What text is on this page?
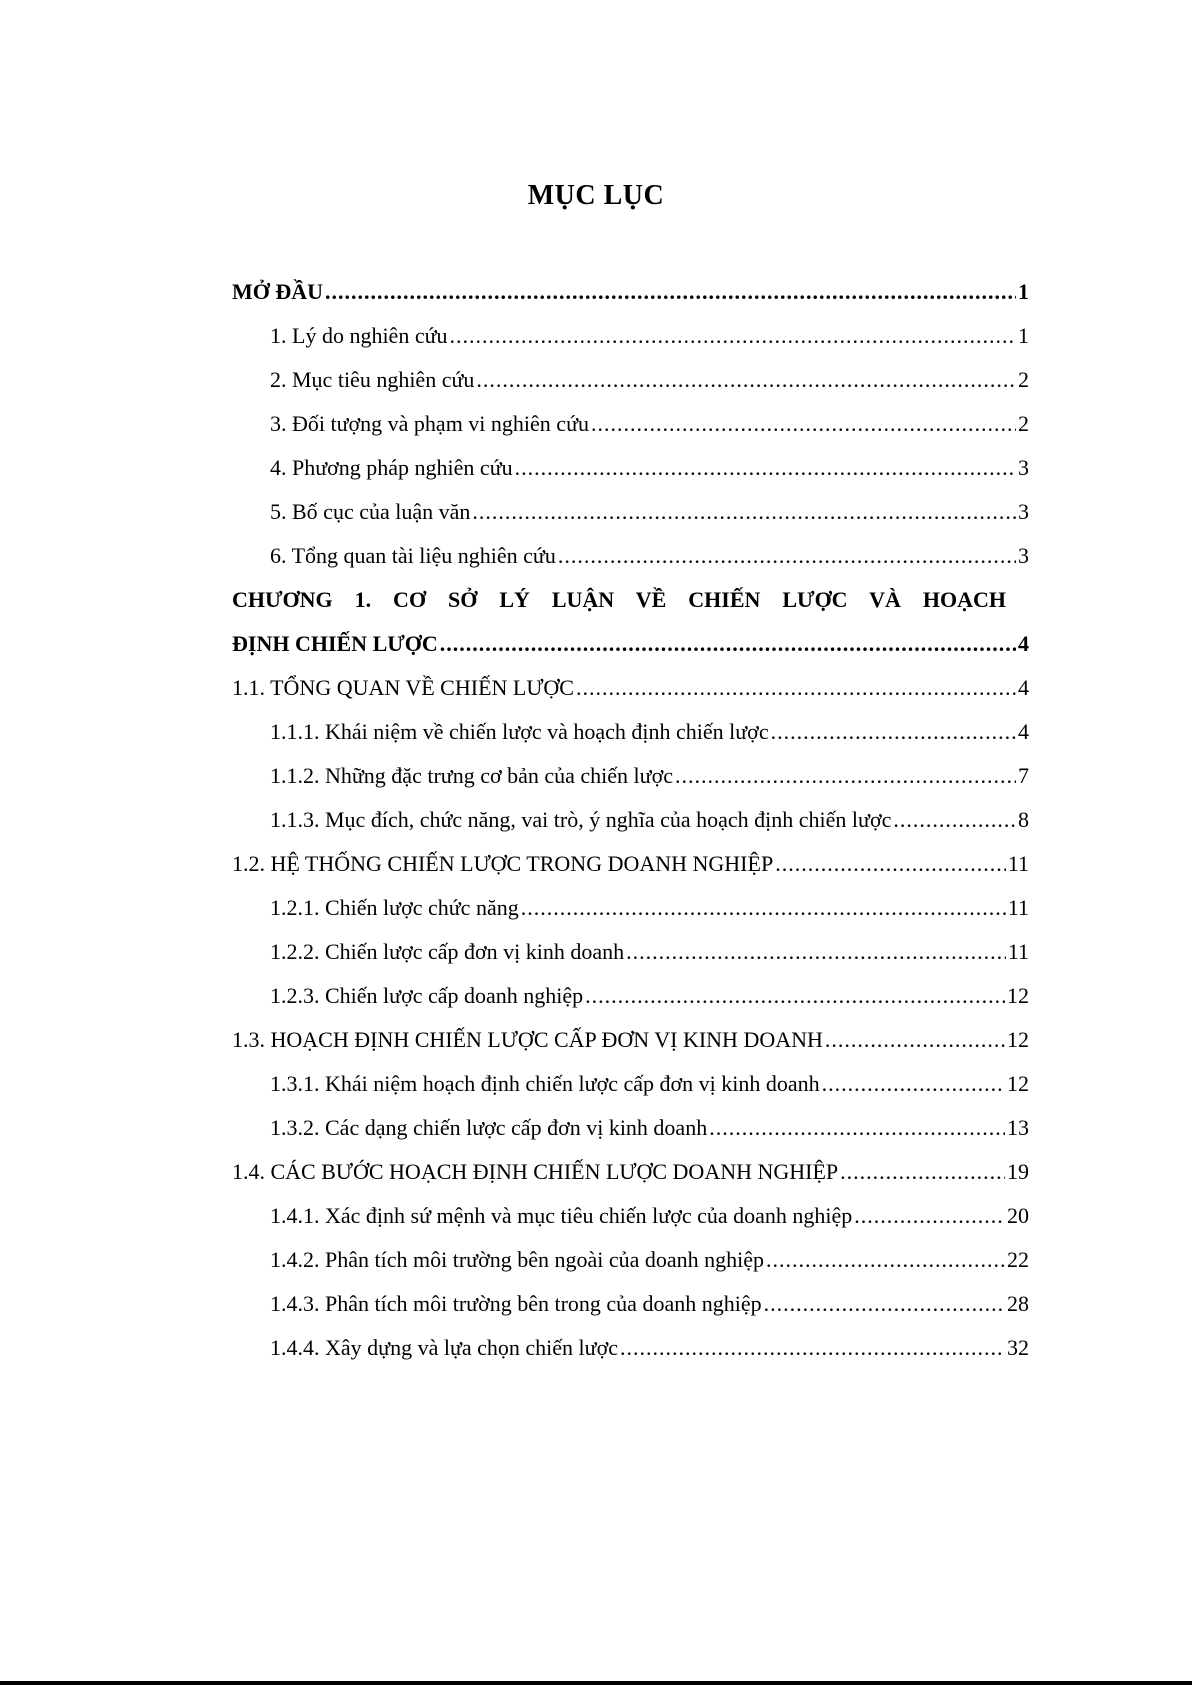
MỤC LỤC
MỞ ĐẦU .....	1
1. Lý do nghiên cứu .....	1
2. Mục tiêu nghiên cứu .....	2
3. Đối tượng và phạm vi nghiên cứu .....	2
4. Phương pháp nghiên cứu .....	3
5. Bố cục của luận văn .....	3
6. Tổng quan tài liệu nghiên cứu .....	3
CHƯƠNG 1. CƠ SỞ LÝ LUẬN VỀ CHIẾN LƯỢC VÀ HOẠCH
ĐỊNH CHIẾN LƯỢC .....	4
1.1. TỔNG QUAN VỀ CHIẾN LƯỢC .....	4
1.1.1. Khái niệm về chiến lược và hoạch định chiến lược .....	4
1.1.2. Những đặc trưng cơ bản của chiến lược .....	7
1.1.3. Mục đích, chức năng, vai trò, ý nghĩa của hoạch định chiến lược .....	8
1.2. HỆ THỐNG CHIẾN LƯỢC TRONG DOANH NGHIỆP .....	11
1.2.1. Chiến lược chức năng .....	11
1.2.2. Chiến lược cấp đơn vị kinh doanh .....	11
1.2.3. Chiến lược cấp doanh nghiệp .....	12
1.3. HOẠCH ĐỊNH CHIẾN LƯỢC CẤP ĐƠN VỊ KINH DOANH .....	12
1.3.1. Khái niệm hoạch định chiến lược cấp đơn vị kinh doanh .....	12
1.3.2. Các dạng chiến lược cấp đơn vị kinh doanh .....	13
1.4. CÁC BƯỚC HOẠCH ĐỊNH CHIẾN LƯỢC DOANH NGHIỆP .....	19
1.4.1. Xác định sứ mệnh và mục tiêu chiến lược của doanh nghiệp .....	20
1.4.2. Phân tích môi trường bên ngoài của doanh nghiệp .....	22
1.4.3. Phân tích môi trường bên trong của doanh nghiệp .....	28
1.4.4. Xây dựng và lựa chọn chiến lược .....	32
